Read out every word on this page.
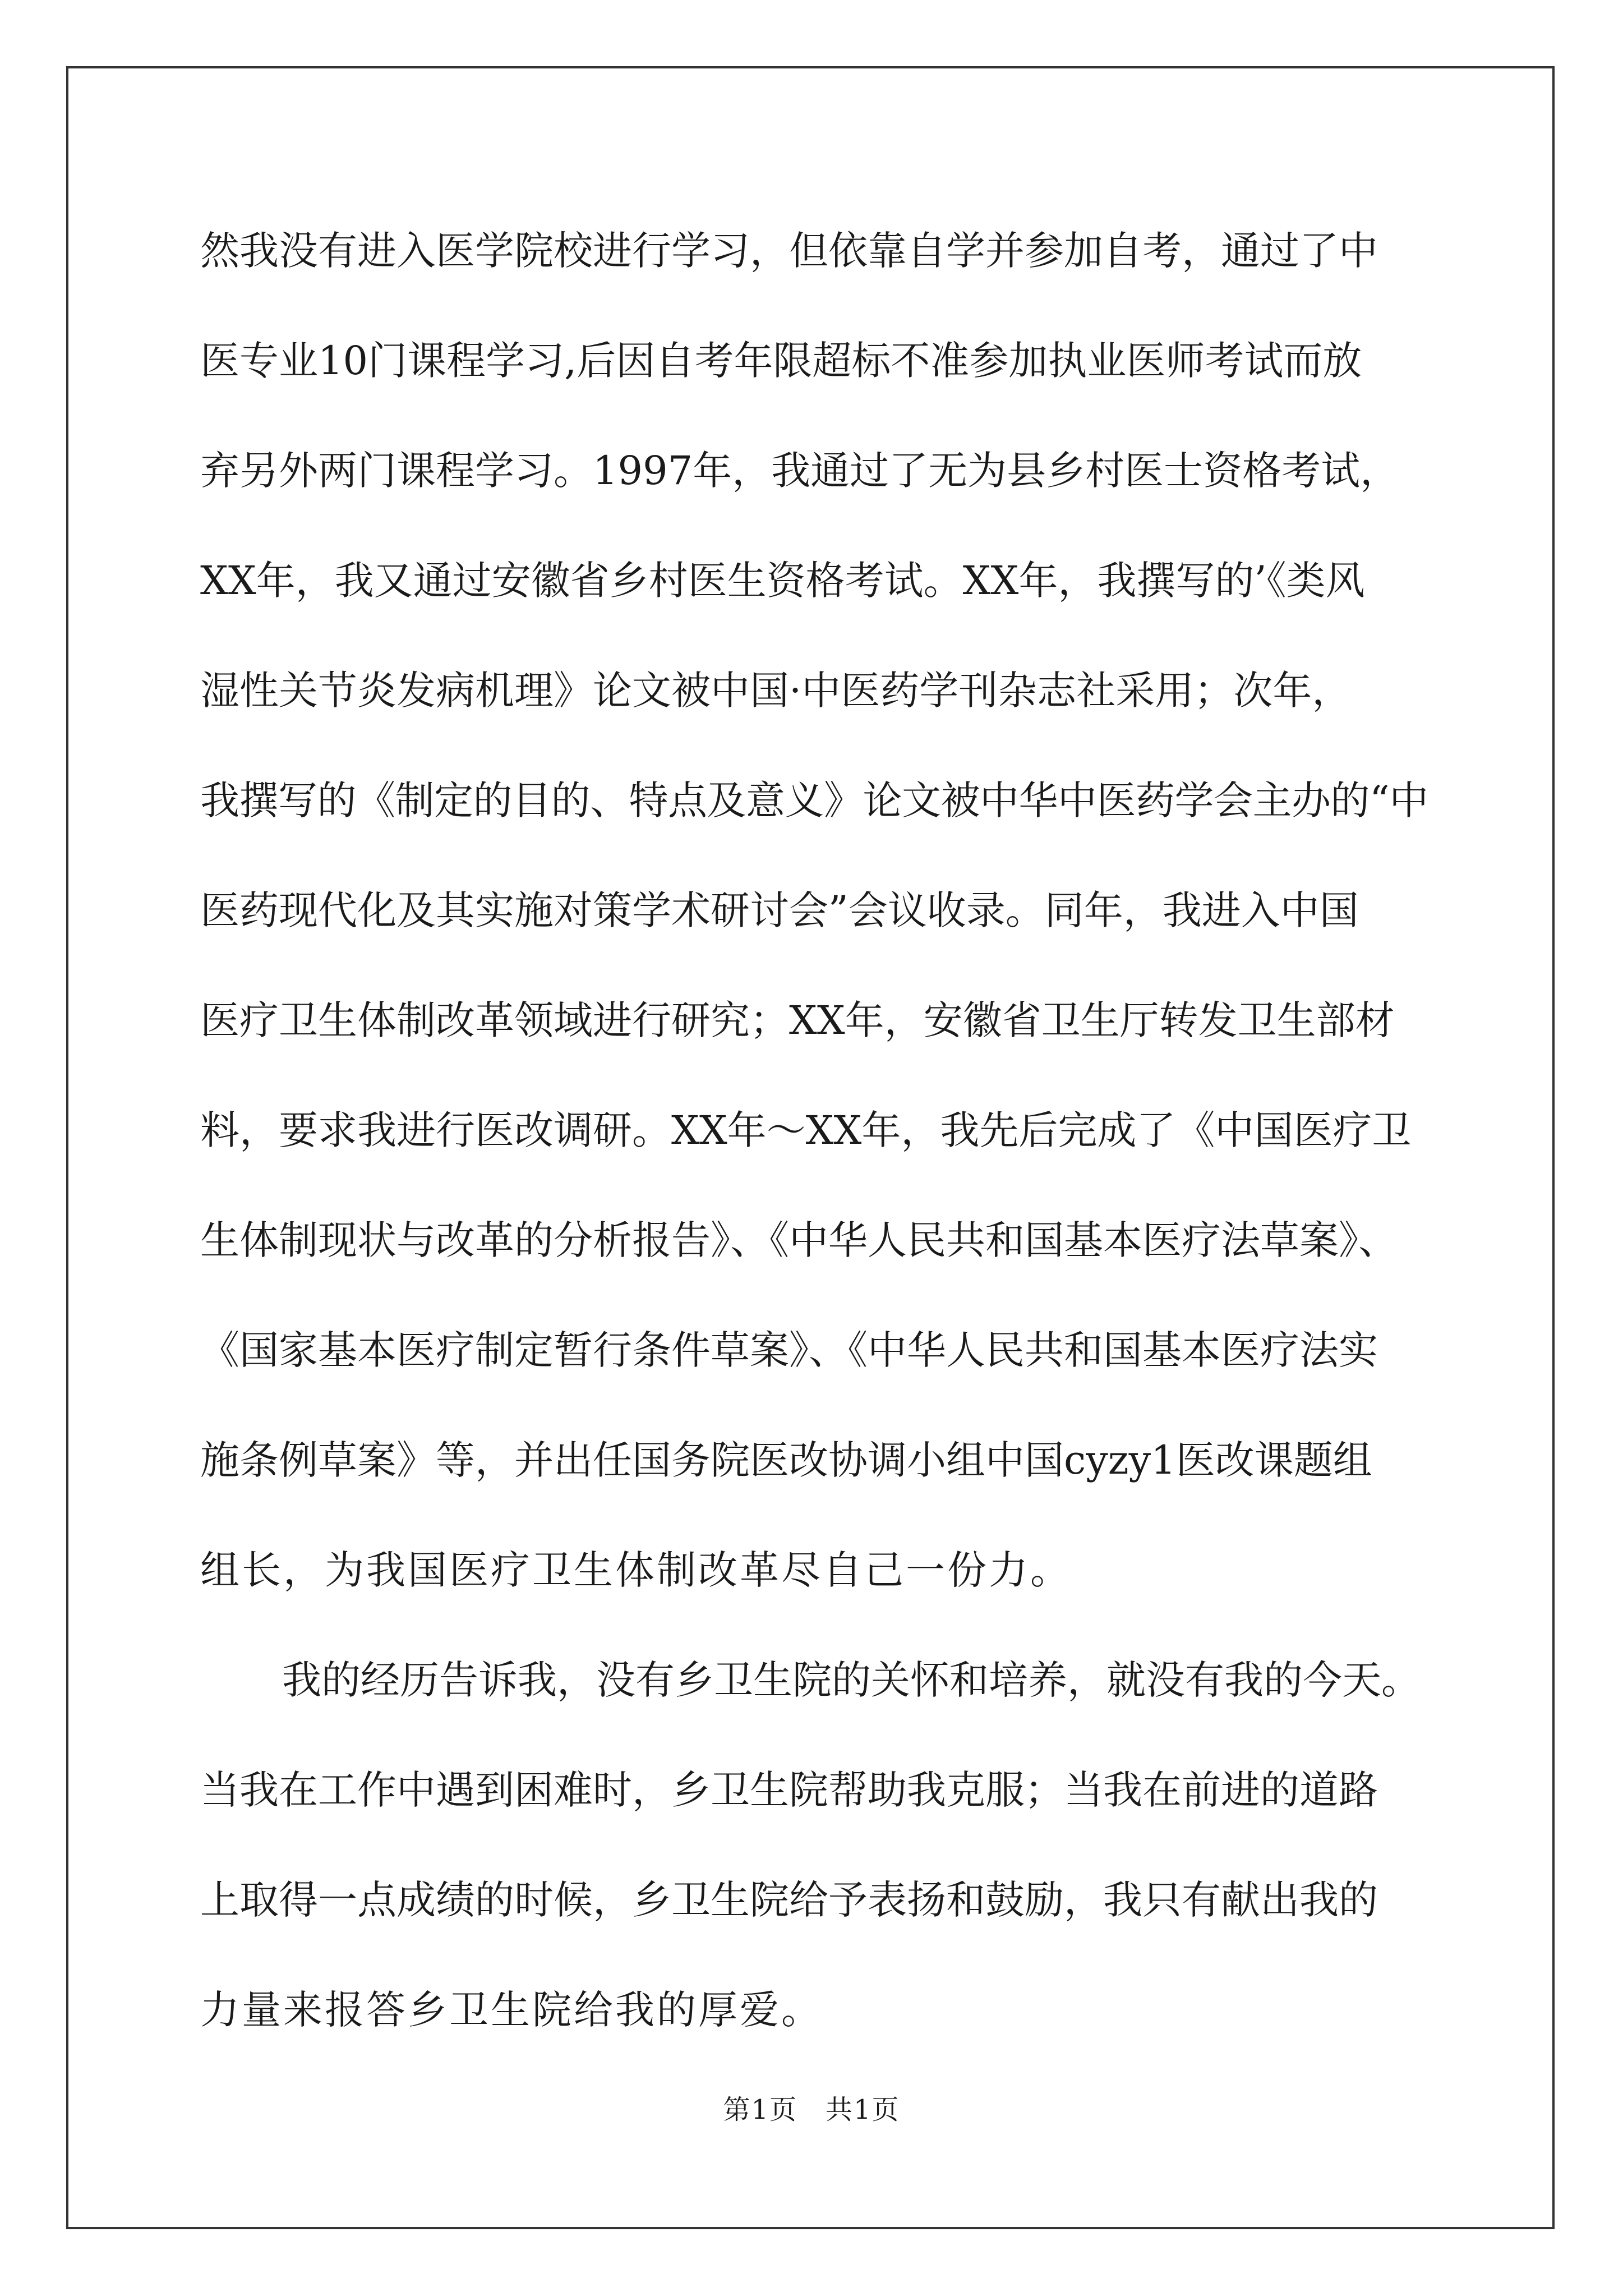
然我没有进入医学院校进行学习，但依靠自学并参加自考，通过了中
医专业10门课程学习,后因自考年限超标不准参加执业医师考试而放
弃另外两门课程学习。1997年，我通过了无为县乡村医士资格考试，
XX年，我又通过安徽省乡村医生资格考试。XX年，我撰写的’《类风
湿性关节炎发病机理》论文被中国·中医药学刊杂志社采用；次年，
我撰写的《制定的目的、特点及意义》论文被中华中医药学会主办的“中
医药现代化及其实施对策学术研讨会”会议收录。同年，我进入中国
医疗卫生体制改革领域进行研究；XX年，安徽省卫生厅转发卫生部材
料，要求我进行医改调研。XX年～XX年，我先后完成了《中国医疗卫
生体制现状与改革的分析报告》、《中华人民共和国基本医疗法草案》、
《国家基本医疗制定暂行条件草案》、《中华人民共和国基本医疗法实
施条例草案》等，并出任国务院医改协调小组中国cyzy1医改课题组
组长，为我国医疗卫生体制改革尽自己一份力。
我的经历告诉我，没有乡卫生院的关怀和培养，就没有我的今天。
当我在工作中遇到困难时，乡卫生院帮助我克服；当我在前进的道路
上取得一点成绩的时候，乡卫生院给予表扬和鼓励，我只有献出我的
力量来报答乡卫生院给我的厚爱。
第1页　共1页
